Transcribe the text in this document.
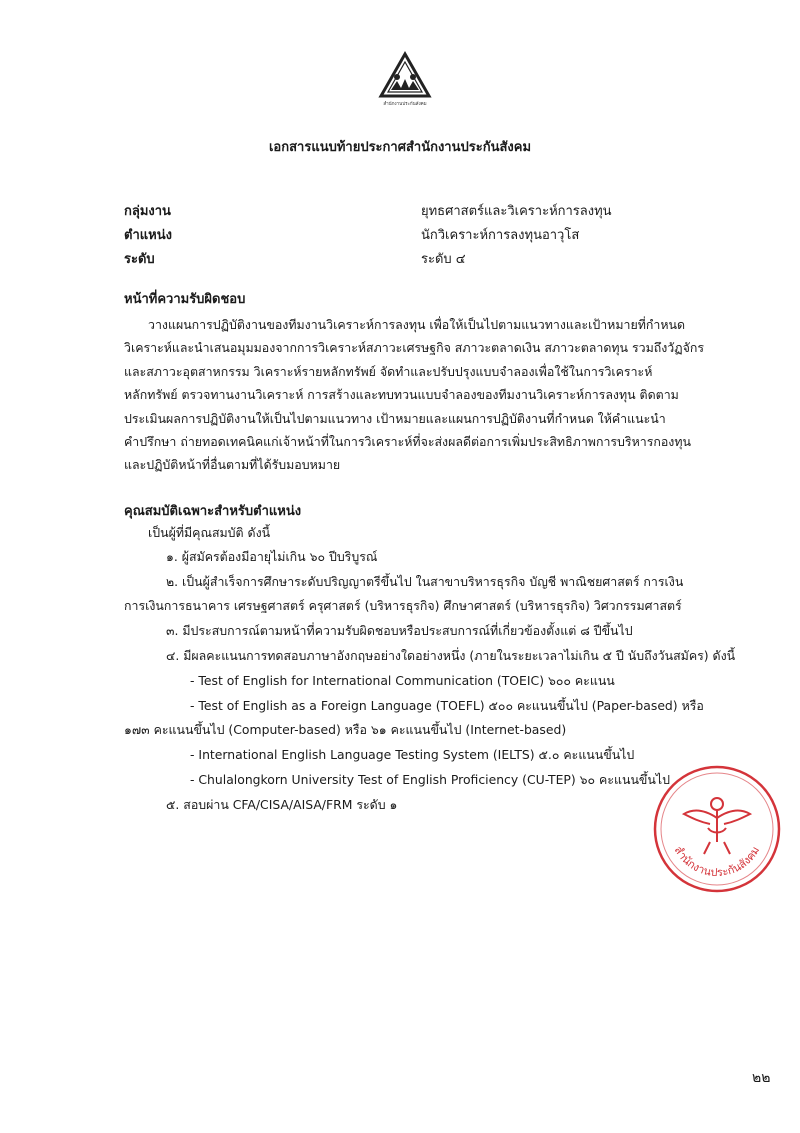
สำนักงานประกันสังคม
เอกสารแนบท้ายประกาศสำนักงานประกันสังคม
กลุ่มงาน	ยุทธศาสตร์และวิเคราะห์การลงทุน
ตำแหน่ง	นักวิเคราะห์การลงทุนอาวุโส
ระดับ	ระดับ ๔
หน้าที่ความรับผิดชอบ
วางแผนการปฏิบัติงานของทีมงานวิเคราะห์การลงทุน เพื่อให้เป็นไปตามแนวทางและเป้าหมายที่กำหนด
วิเคราะห์และนำเสนอมุมมองจากการวิเคราะห์สภาวะเศรษฐกิจ สภาวะตลาดเงิน สภาวะตลาดทุน รวมถึงวัฏจักร
และสภาวะอุตสาหกรรม วิเคราะห์รายหลักทรัพย์ จัดทำและปรับปรุงแบบจำลองเพื่อใช้ในการวิเคราะห์
หลักทรัพย์ ตรวจทานงานวิเคราะห์ การสร้างและทบทวนแบบจำลองของทีมงานวิเคราะห์การลงทุน ติดตาม
ประเมินผลการปฏิบัติงานให้เป็นไปตามแนวทาง เป้าหมายและแผนการปฏิบัติงานที่กำหนด ให้คำแนะนำ
คำปรึกษา ถ่ายทอดเทคนิคแก่เจ้าหน้าที่ในการวิเคราะห์ที่จะส่งผลดีต่อการเพิ่มประสิทธิภาพการบริหารกองทุน
และปฏิบัติหน้าที่อื่นตามที่ได้รับมอบหมาย
คุณสมบัติเฉพาะสำหรับตำแหน่ง
เป็นผู้ที่มีคุณสมบัติ ดังนี้
๑. ผู้สมัครต้องมีอายุไม่เกิน ๖๐ ปีบริบูรณ์
๒. เป็นผู้สำเร็จการศึกษาระดับปริญญาตรีขึ้นไป ในสาขาบริหารธุรกิจ บัญชี พาณิชยศาสตร์ การเงิน
การเงินการธนาคาร เศรษฐศาสตร์ ครุศาสตร์ (บริหารธุรกิจ) ศึกษาศาสตร์ (บริหารธุรกิจ) วิศวกรรมศาสตร์
๓. มีประสบการณ์ตามหน้าที่ความรับผิดชอบหรือประสบการณ์ที่เกี่ยวข้องตั้งแต่ ๘ ปีขึ้นไป
๔. มีผลคะแนนการทดสอบภาษาอังกฤษอย่างใดอย่างหนึ่ง (ภายในระยะเวลาไม่เกิน ๕ ปี นับถึงวันสมัคร) ดังนี้
- Test of English for International Communication (TOEIC) ๖๐๐ คะแนน
- Test of English as a Foreign Language (TOEFL) ๕๐๐ คะแนนขึ้นไป (Paper-based) หรือ
๑๗๓ คะแนนขึ้นไป (Computer-based) หรือ ๖๑ คะแนนขึ้นไป (Internet-based)
- International English Language Testing System (IELTS) ๕.๐ คะแนนขึ้นไป
- Chulalongkorn University Test of English Proficiency (CU-TEP) ๖๐ คะแนนขึ้นไป
๕. สอบผ่าน CFA/CISA/AISA/FRM ระดับ ๑
สำนักงานประกันสังคม
๒๒
